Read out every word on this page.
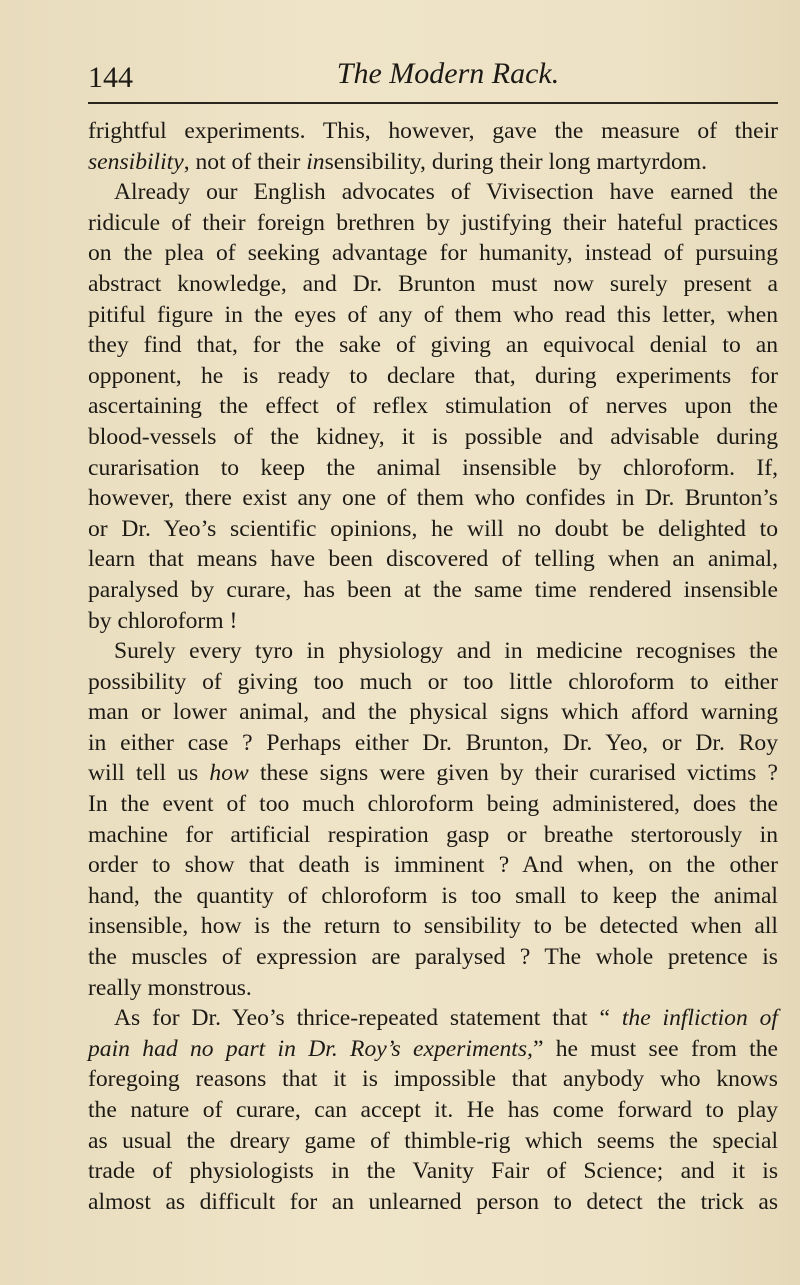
144	The Modern Rack.
frightful experiments. This, however, gave the measure of their
sensibility, not of their insensibility, during their long martyrdom.
Already our English advocates of Vivisection have earned the
ridicule of their foreign brethren by justifying their hateful practices
on the plea of seeking advantage for humanity, instead of pursuing
abstract knowledge, and Dr. Brunton must now surely present a
pitiful figure in the eyes of any of them who read this letter, when
they find that, for the sake of giving an equivocal denial to an
opponent, he is ready to declare that, during experiments for
ascertaining the effect of reflex stimulation of nerves upon the
blood-vessels of the kidney, it is possible and advisable during
curarisation to keep the animal insensible by chloroform. If,
however, there exist any one of them who confides in Dr. Brunton’s
or Dr. Yeo’s scientific opinions, he will no doubt be delighted to
learn that means have been discovered of telling when an animal,
paralysed by curare, has been at the same time rendered insensible
by chloroform !
Surely every tyro in physiology and in medicine recognises the
possibility of giving too much or too little chloroform to either
man or lower animal, and the physical signs which afford warning
in either case ? Perhaps either Dr. Brunton, Dr. Yeo, or Dr. Roy
will tell us how these signs were given by their curarised victims ?
In the event of too much chloroform being administered, does the
machine for artificial respiration gasp or breathe stertorously in
order to show that death is imminent ? And when, on the other
hand, the quantity of chloroform is too small to keep the animal
insensible, how is the return to sensibility to be detected when all
the muscles of expression are paralysed ? The whole pretence is
really monstrous.
As for Dr. Yeo’s thrice-repeated statement that “ the infliction of
pain had no part in Dr. Roy’s experiments,” he must see from the
foregoing reasons that it is impossible that anybody who knows
the nature of curare, can accept it. He has come forward to play
as usual the dreary game of thimble-rig which seems the special
trade of physiologists in the Vanity Fair of Science; and it is
almost as difficult for an unlearned person to detect the trick as
